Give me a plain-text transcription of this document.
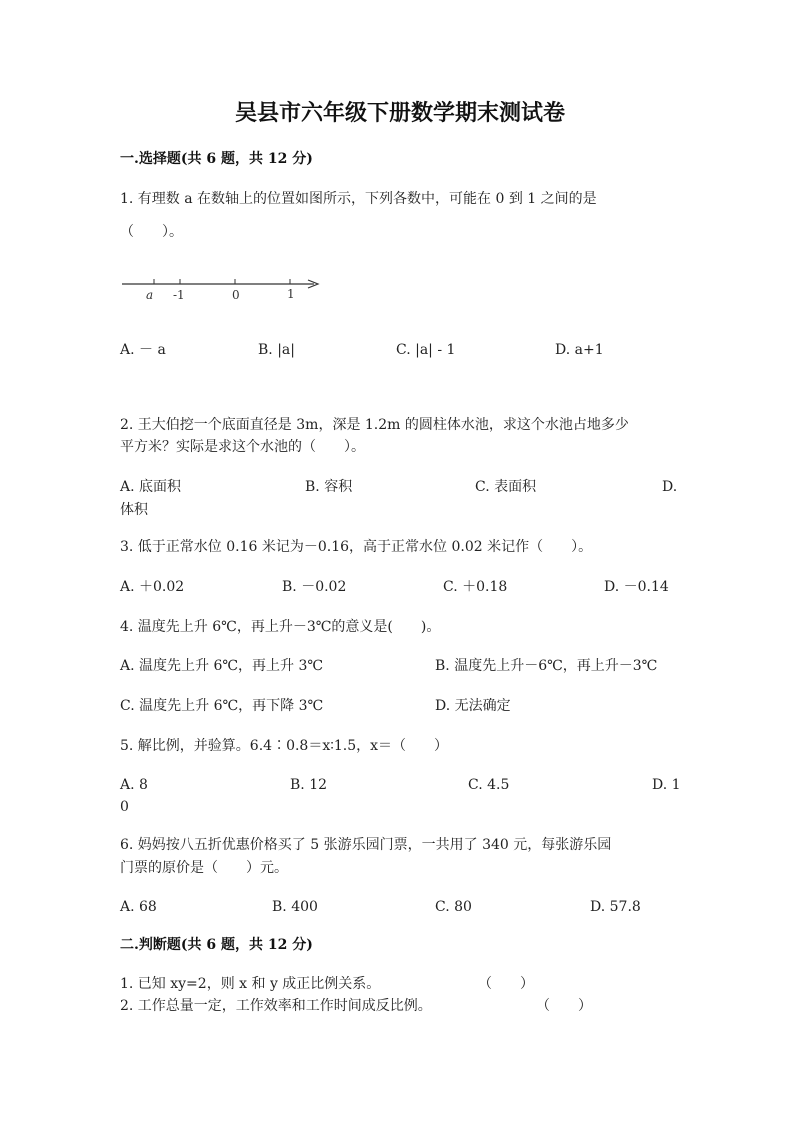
吴县市六年级下册数学期末测试卷
一.选择题(共 6 题，共 12 分)
1. 有理数 a 在数轴上的位置如图所示，下列各数中，可能在 0 到 1 之间的是
（　　）。
a -1	0	1
A. － a	B. |a|	C. |a| - 1	D. a+1
2. 王大伯挖一个底面直径是 3m，深是 1.2m 的圆柱体水池，求这个水池占地多少
平方米？实际是求这个水池的（　　）。
A. 底面积	B. 容积	C. 表面积	D.
体积
3. 低于正常水位 0.16 米记为－0.16，高于正常水位 0.02 米记作（　　）。
A. ＋0.02	B. －0.02	C. ＋0.18	D. －0.14
4. 温度先上升 6℃，再上升－3℃的意义是(　　)。
A. 温度先上升 6℃，再上升 3℃	B. 温度先上升－6℃，再上升－3℃
C. 温度先上升 6℃，再下降 3℃	D. 无法确定
5. 解比例，并验算。6.4∶0.8＝x∶1.5，x＝（　　）
A. 8	B. 12	C. 4.5	D. 1
0
6. 妈妈按八五折优惠价格买了 5 张游乐园门票，一共用了 340 元，每张游乐园
门票的原价是（　　）元。
A. 68	B. 400	C. 80	D. 57.8
二.判断题(共 6 题，共 12 分)
1. 已知 xy=2，则 x 和 y 成正比例关系。	（　　）
2. 工作总量一定，工作效率和工作时间成反比例。	（　　）
